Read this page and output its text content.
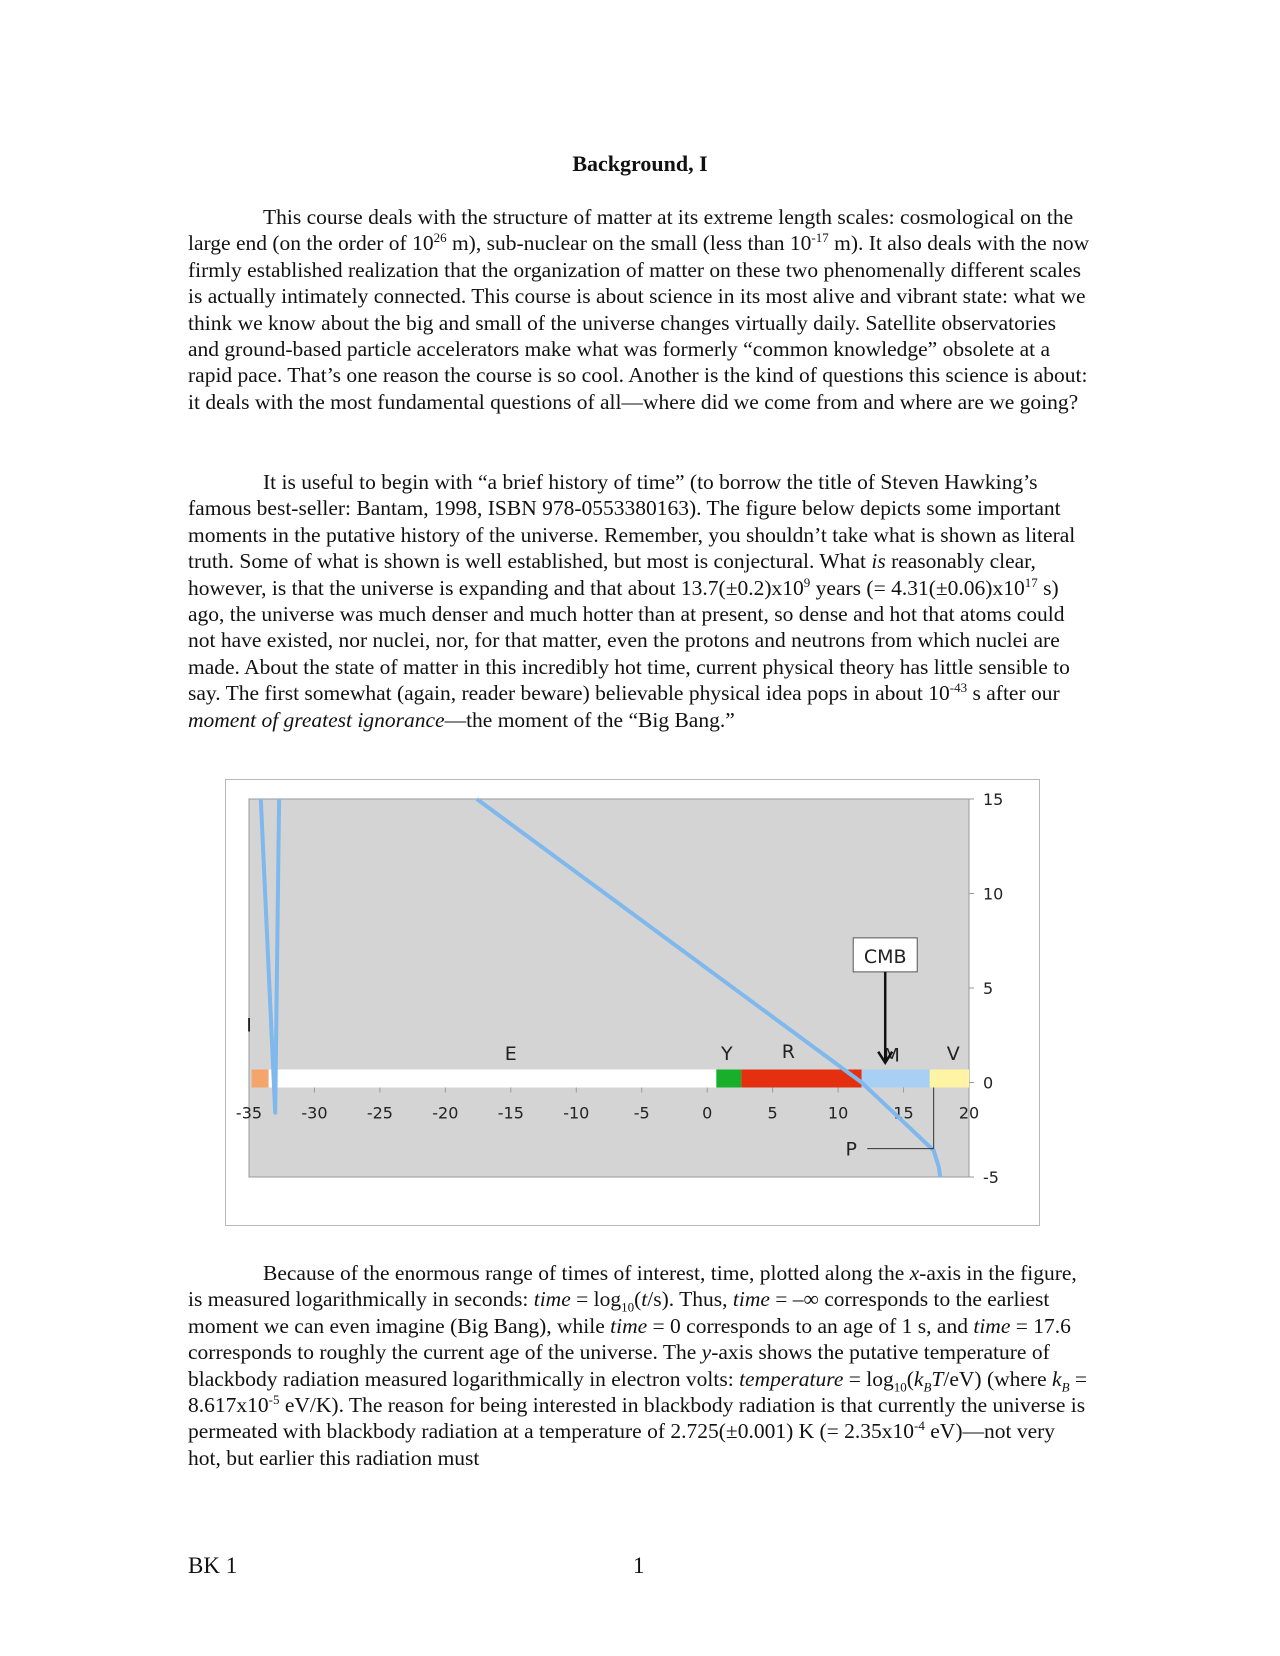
Background, I

This course deals with the structure of matter at its extreme length scales: cosmological on the large end (on the order of $10^{26}$ m), sub-nuclear on the small (less than $10^{-17}$ m). It also deals with the now firmly established realization that the organization of matter on these two phenomenally different scales is actually intimately connected. This course is about science in its most alive and vibrant state: what we think we know about the big and small of the universe changes virtually daily. Satellite observatories and ground-based particle accelerators make what was formerly “common knowledge” obsolete at a rapid pace. That’s one reason the course is so cool. Another is the kind of questions this science is about: it deals with the most fundamental questions of all—where did we come from and where are we going?

It is useful to begin with “a brief history of time” (to borrow the title of Steven Hawking’s famous best-seller: Bantam, 1998, ISBN 978-0553380163). The figure below depicts some important moments in the putative history of the universe. Remember, you shouldn’t take what is shown as literal truth. Some of what is shown is well established, but most is conjectural. What is reasonably clear, however, is that the universe is expanding and that about $13.7(\pm 0.2)x10^9$ years (= $4.31(\pm 0.06)x10^{17}$ s) ago, the universe was much denser and much hotter than at present, so dense and hot that atoms could not have existed, nor nuclei, nor, for that matter, even the protons and neutrons from which nuclei are made. About the state of matter in this incredibly hot time, current physical theory has little sensible to say. The first somewhat (again, reader beware) believable physical idea pops in about $10^{-43}$ s after our moment of greatest ignorance—the moment of the “Big Bang.”

15
10
5
0
-5
I
E	Y	R	M V
-35 -30 -25 -20 -15 -10	-5	0	5	10	15	20
CMB
P

Because of the enormous range of times of interest, time, plotted along the x-axis in the figure, is measured logarithmically in seconds: time = $\log_{10}(t/s)$. Thus, time = –∞ corresponds to the earliest moment we can even imagine (Big Bang), while time = 0 corresponds to an age of 1 s, and time = 17.6 corresponds to roughly the current age of the universe. The y-axis shows the putative temperature of blackbody radiation measured logarithmically in electron volts: temperature = $\log_{10}(k_BT/eV)$ (where $k_B = 8.617x10^{-5}$ eV/K). The reason for being interested in blackbody radiation is that currently the universe is permeated with blackbody radiation at a temperature of 2.725(±0.001) K (= $2.35x10^{-4}$ eV)—not very hot, but earlier this radiation must

BK 1	1
